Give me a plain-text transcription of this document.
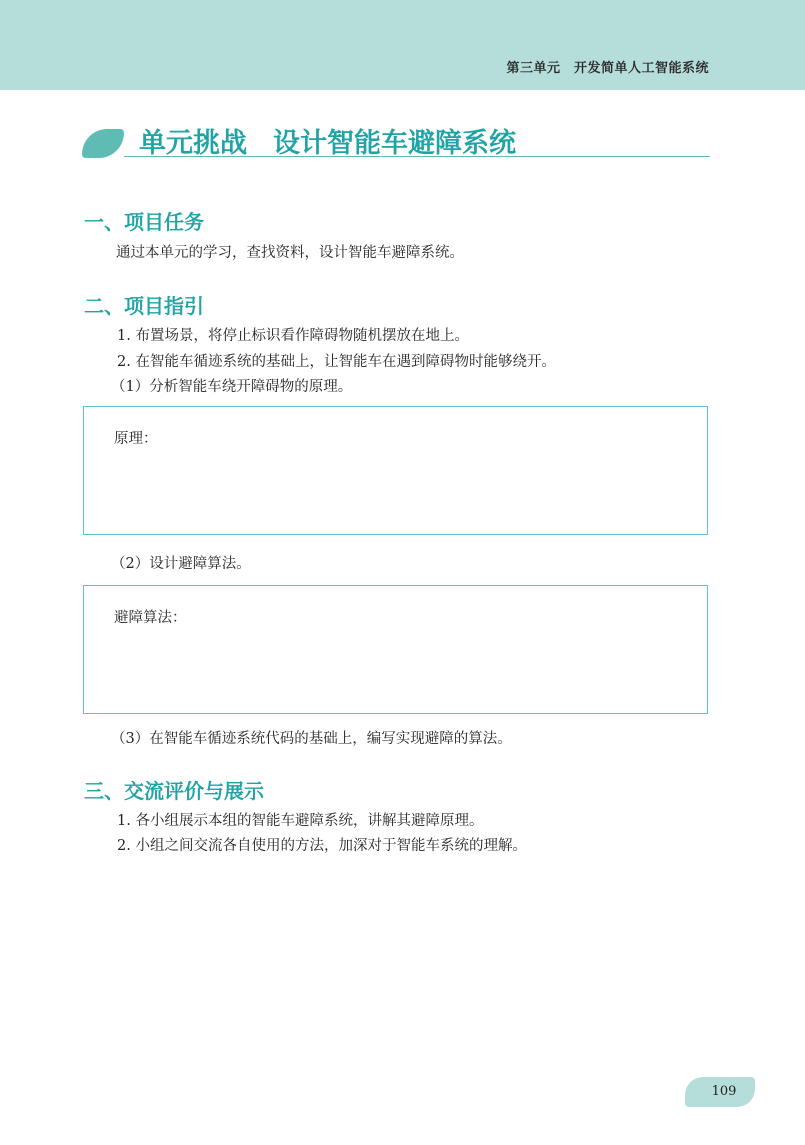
第三单元　开发简单人工智能系统
单元挑战 设计智能车避障系统
一、项目任务
通过本单元的学习，查找资料，设计智能车避障系统。
二、项目指引
1. 布置场景，将停止标识看作障碍物随机摆放在地上。
2. 在智能车循迹系统的基础上，让智能车在遇到障碍物时能够绕开。
（1）分析智能车绕开障碍物的原理。
原理：
（2）设计避障算法。
避障算法：
（3）在智能车循迹系统代码的基础上，编写实现避障的算法。
三、交流评价与展示
1. 各小组展示本组的智能车避障系统，讲解其避障原理。
2. 小组之间交流各自使用的方法，加深对于智能车系统的理解。
109
